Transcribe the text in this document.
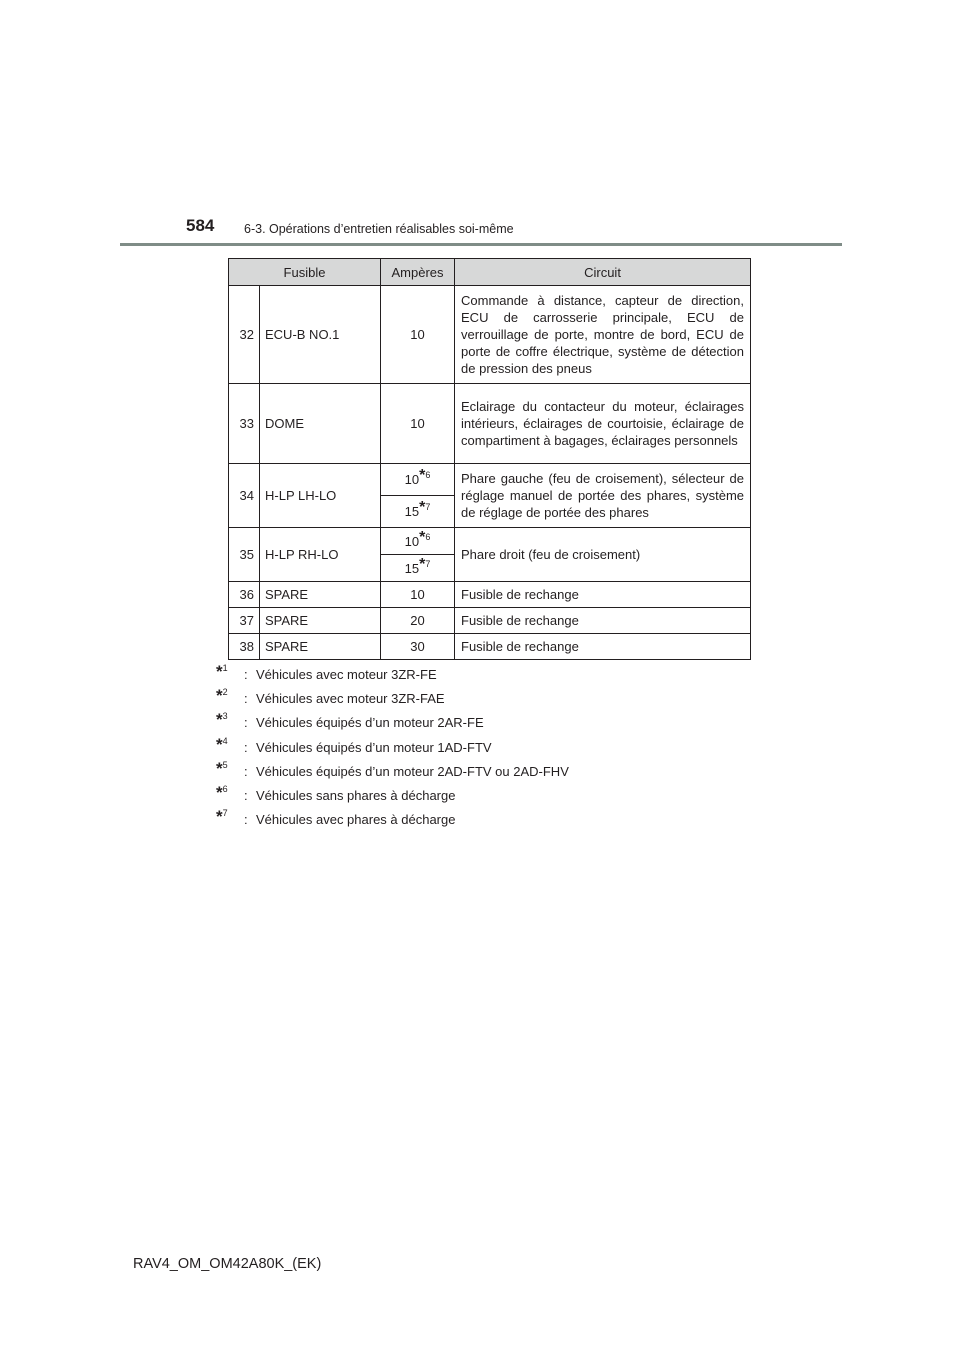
584 6-3. Opérations d’entretien réalisables soi-même
Fusible		Ampères	Circuit
32	ECU-B NO.1	10	Commande à distance, capteur de direction, ECU de carrosserie principale, ECU de verrouillage de porte, montre de bord, ECU de porte de coffre électrique, système de détection de pression des pneus
33	DOME	10	Eclairage du contacteur du moteur, éclairages intérieurs, éclairages de courtoisie, éclairage de compartiment à bagages, éclairages personnels
34	H-LP LH-LO	10*$^6$	Phare gauche (feu de croisement), sélecteur de réglage manuel de portée des phares, système de réglage de portée des phares
		15*$^7$
35	H-LP RH-LO	10*$^6$	Phare droit (feu de croisement)
		15*$^7$
36	SPARE	10	Fusible de rechange
37	SPARE	20	Fusible de rechange
38	SPARE	30	Fusible de rechange
*$^1$	: Véhicules avec moteur 3ZR-FE
*$^2$	: Véhicules avec moteur 3ZR-FAE
*$^3$	: Véhicules équipés d’un moteur 2AR-FE
*$^4$	: Véhicules équipés d’un moteur 1AD-FTV
*$^5$	: Véhicules équipés d’un moteur 2AD-FTV ou 2AD-FHV
*$^6$	: Véhicules sans phares à décharge
*$^7$	: Véhicules avec phares à décharge
RAV4_OM_OM42A80K_(EK)
